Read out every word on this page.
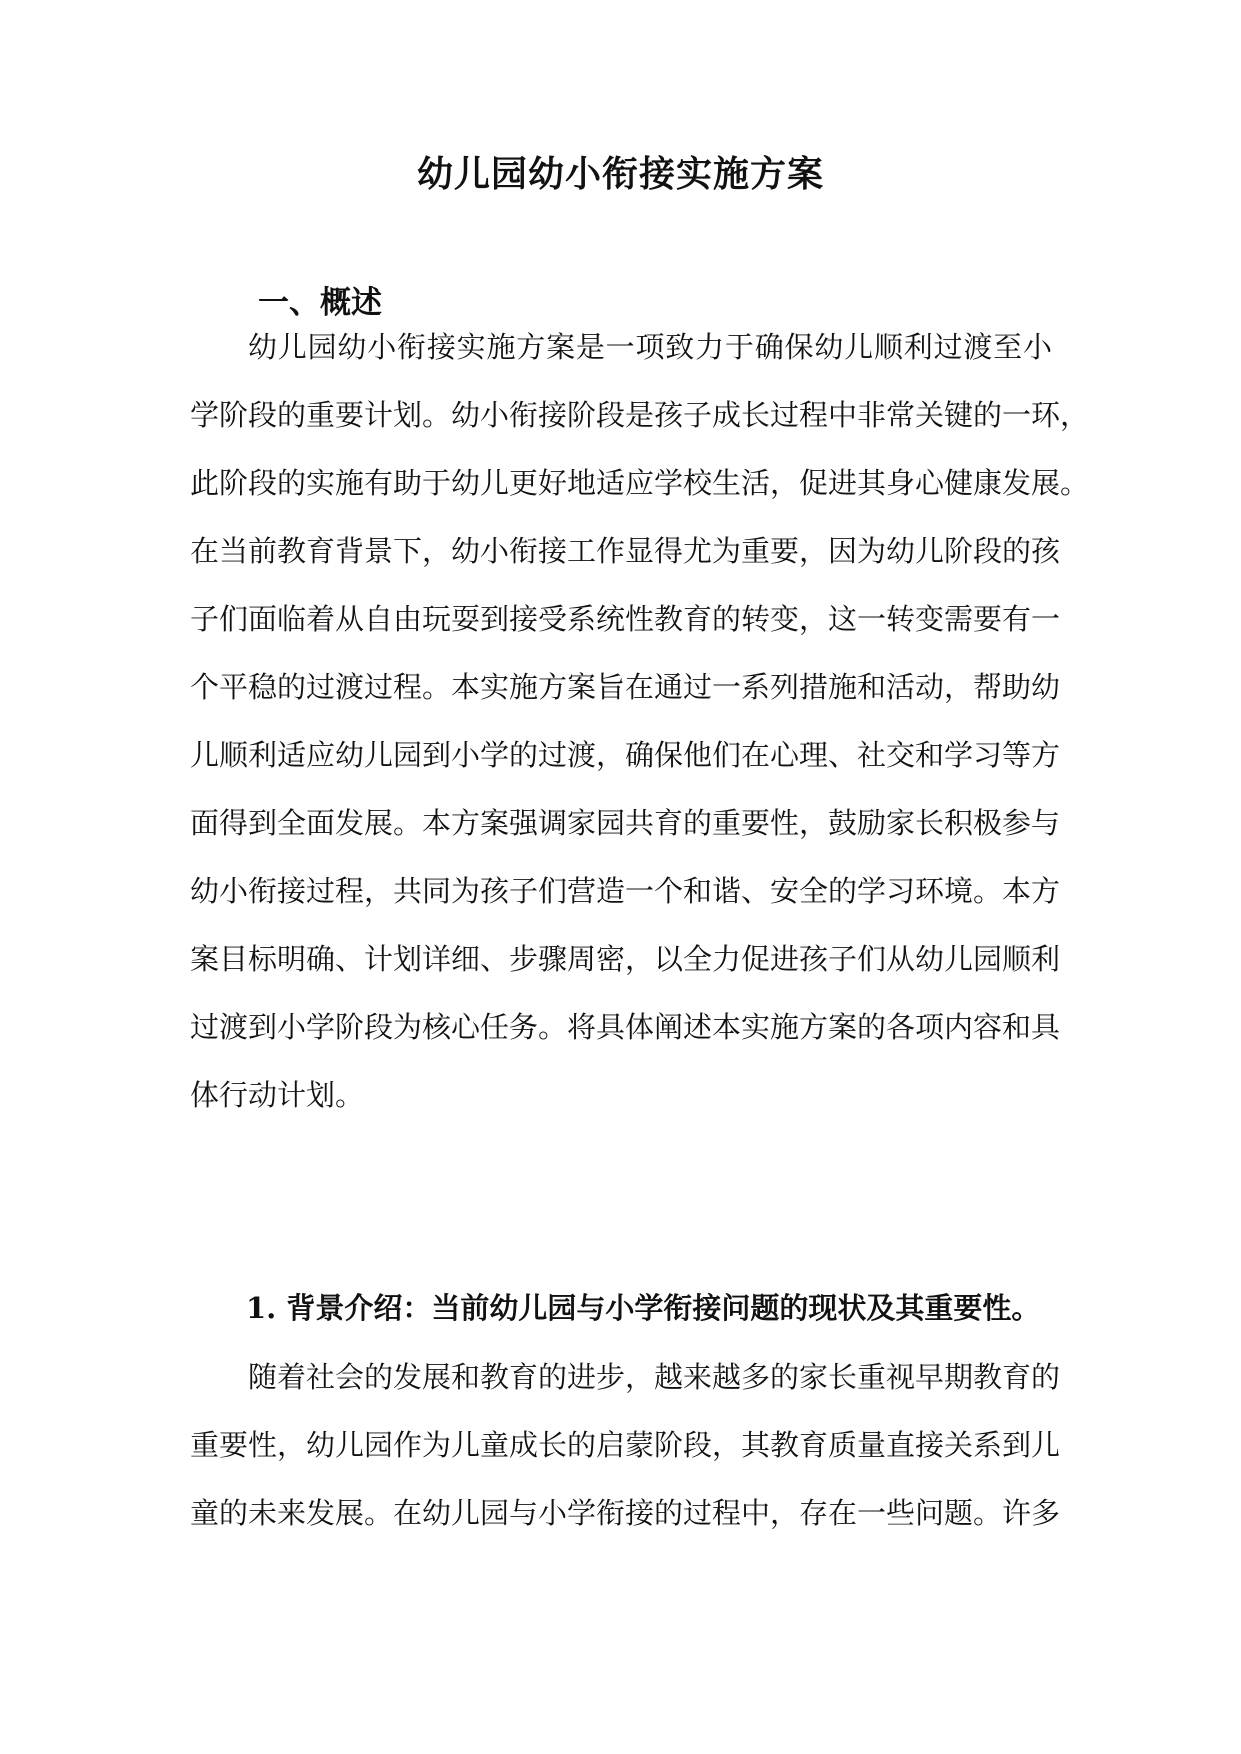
幼儿园幼小衔接实施方案
一、概述
幼儿园幼小衔接实施方案是一项致力于确保幼儿顺利过渡至小
学阶段的重要计划。幼小衔接阶段是孩子成长过程中非常关键的一环，
此阶段的实施有助于幼儿更好地适应学校生活，促进其身心健康发展。
在当前教育背景下，幼小衔接工作显得尤为重要，因为幼儿阶段的孩
子们面临着从自由玩耍到接受系统性教育的转变，这一转变需要有一
个平稳的过渡过程。本实施方案旨在通过一系列措施和活动，帮助幼
儿顺利适应幼儿园到小学的过渡，确保他们在心理、社交和学习等方
面得到全面发展。本方案强调家园共育的重要性，鼓励家长积极参与
幼小衔接过程，共同为孩子们营造一个和谐、安全的学习环境。本方
案目标明确、计划详细、步骤周密，以全力促进孩子们从幼儿园顺利
过渡到小学阶段为核心任务。将具体阐述本实施方案的各项内容和具
体行动计划。
1. 背景介绍：当前幼儿园与小学衔接问题的现状及其重要性。
随着社会的发展和教育的进步，越来越多的家长重视早期教育的
重要性，幼儿园作为儿童成长的启蒙阶段，其教育质量直接关系到儿
童的未来发展。在幼儿园与小学衔接的过程中，存在一些问题。许多
